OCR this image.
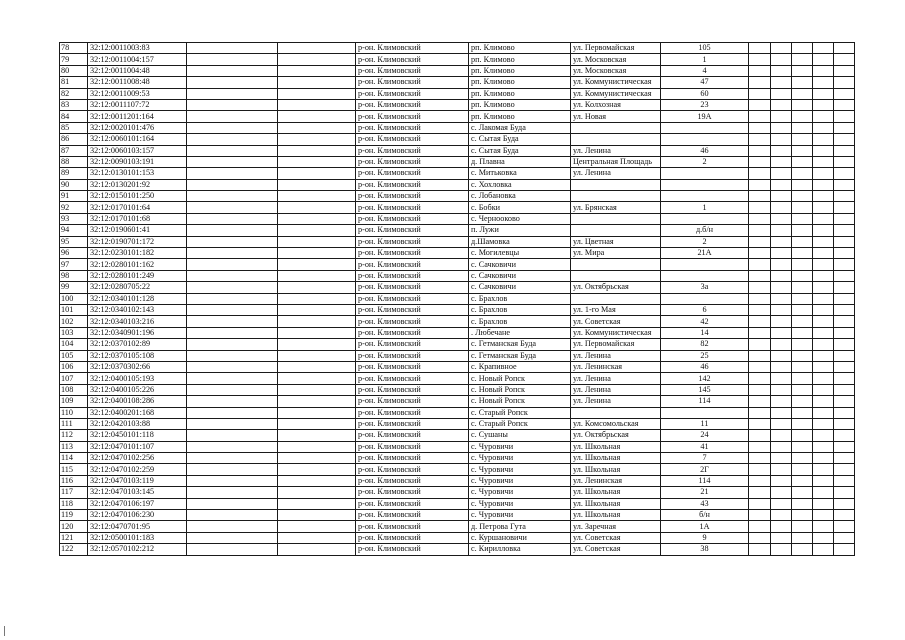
78	32:12:0011003:83			р-он. Климовский	рп. Климово	ул. Первомайская	105					
79	32:12:0011004:157			р-он. Климовский	рп. Климово	ул. Московская	1					
80	32:12:0011004:48			р-он. Климовский	рп. Климово	ул. Московская	4					
81	32:12:0011008:48			р-он. Климовский	рп. Климово	ул. Коммунистическая	47					
82	32:12:0011009:53			р-он. Климовский	рп. Климово	ул. Коммунистическая	60					
83	32:12:0011107:72			р-он. Климовский	рп. Климово	ул. Колхозная	23					
84	32:12:0011201:164			р-он. Климовский	рп. Климово	ул. Новая	19А					
85	32:12:0020101:476			р-он. Климовский	с. Лакомая Буда							
86	32:12:0060101:164			р-он. Климовский	с. Сытая Буда							
87	32:12:0060103:157			р-он. Климовский	с. Сытая Буда	ул. Ленина	46					
88	32:12:0090103:191			р-он. Климовский	д. Плавна	Центральная Площадь	2					
89	32:12:0130101:153			р-он. Климовский	с. Митьковка	ул. Ленина						
90	32:12:0130201:92			р-он. Климовский	с. Хохловка							
91	32:12:0150101:250			р-он. Климовский	с. Лобановка							
92	32:12:0170101:64			р-он. Климовский	с. Бобки	ул. Брянская	1					
93	32:12:0170101:68			р-он. Климовский	с. Чернооково							
94	32:12:0190601:41			р-он. Климовский	п. Лужи		д.б/н					
95	32:12:0190701:172			р-он. Климовский	д.Шамовка	ул. Цветная	2					
96	32:12:0230101:182			р-он. Климовский	с. Могилевцы	ул. Мира	21А					
97	32:12:0280101:162			р-он. Климовский	с. Сачковичи							
98	32:12:0280101:249			р-он. Климовский	с. Сачковичи							
99	32:12:0280705:22			р-он. Климовский	с. Сачковичи	ул. Октябрьская	3а					
100	32:12:0340101:128			р-он. Климовский	с. Брахлов							
101	32:12:0340102:143			р-он. Климовский	с. Брахлов	ул. 1-го Мая	6					
102	32:12:0340103:216			р-он. Климовский	с. Брахлов	ул. Советская	42					
103	32:12:0340901:196			р-он. Климовский	. Любечане	ул. Коммунистическая	14					
104	32:12:0370102:89			р-он. Климовский	с. Гетманская Буда	ул. Первомайская	82					
105	32:12:0370105:108			р-он. Климовский	с. Гетманская Буда	ул. Ленина	25					
106	32:12:0370302:66			р-он. Климовский	с. Крапивное	ул. Ленинская	46					
107	32:12:0400105:193			р-он. Климовский	с. Новый Ропск	ул. Ленина	142					
108	32:12:0400105:226			р-он. Климовский	с. Новый Ропск	ул. Ленина	145					
109	32:12:0400108:286			р-он. Климовский	с. Новый Ропск	ул. Ленина	114					
110	32:12:0400201:168			р-он. Климовский	с. Старый Ропск							
111	32:12:0420103:88			р-он. Климовский	с. Старый Ропск	ул. Комсомольская	11					
112	32:12:0450101:118			р-он. Климовский	с. Сушаны	ул. Октябрьская	24					
113	32:12:0470101:107			р-он. Климовский	с. Чуровичи	ул. Школьная	41					
114	32:12:0470102:256			р-он. Климовский	с. Чуровичи	ул. Школьная	7					
115	32:12:0470102:259			р-он. Климовский	с. Чуровичи	ул. Школьная	2Г					
116	32:12:0470103:119			р-он. Климовский	с. Чуровичи	ул. Ленинская	114					
117	32:12:0470103:145			р-он. Климовский	с. Чуровичи	ул. Школьная	21					
118	32:12:0470106:197			р-он. Климовский	с. Чуровичи	ул. Школьная	43					
119	32:12:0470106:230			р-он. Климовский	с. Чуровичи	ул. Школьная	б/н					
120	32:12:0470701:95			р-он. Климовский	д. Петрова Гута	ул. Заречная	1А					
121	32:12:0500101:183			р-он. Климовский	с. Куршановичи	ул. Советская	9					
122	32:12:0570102:212			р-он. Климовский	с. Кирилловка	ул. Советская	38					
